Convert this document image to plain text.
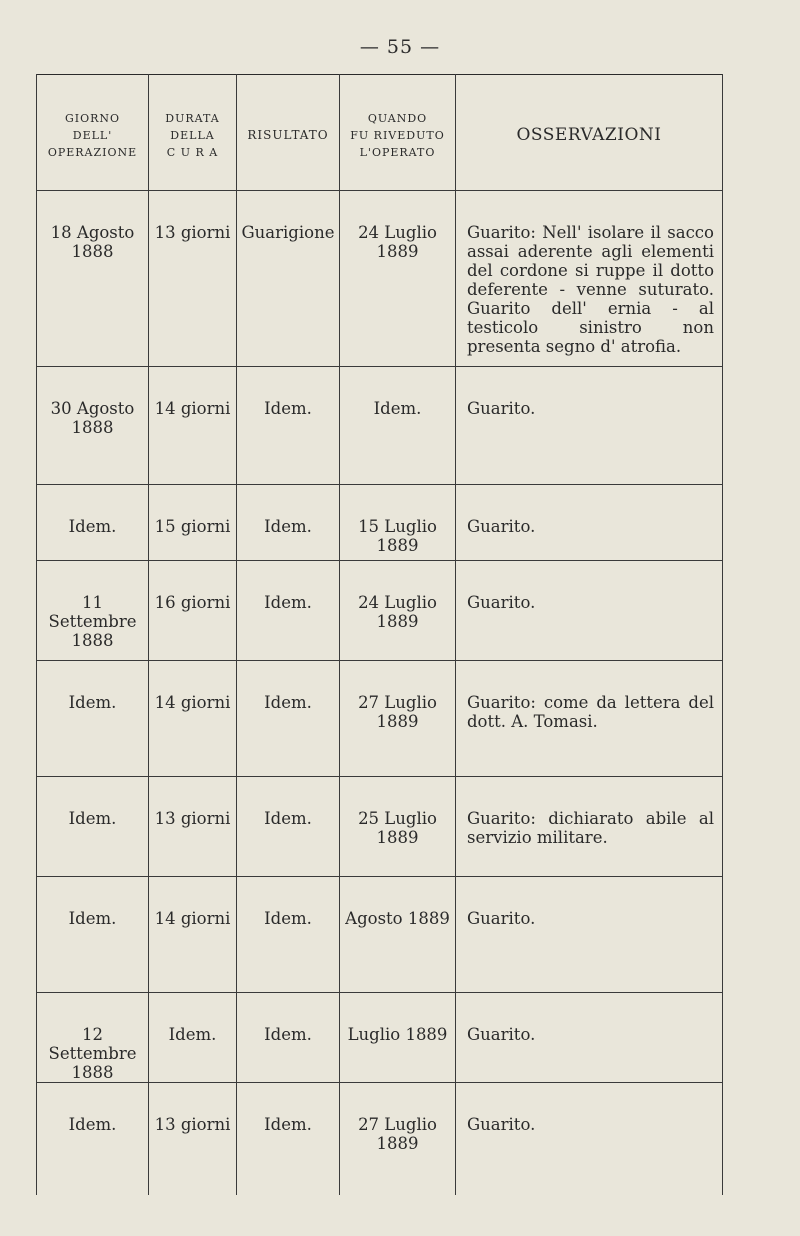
— 55 —
GIORNO
DELL'
OPERAZIONE	DURATA
DELLA
C U R A	RISULTATO	QUANDO
FU RIVEDUTO
L'OPERATO	OSSERVAZIONI

18 Agosto
1888	13 giorni	Guarigione	24 Luglio
1889	Guarito: Nell' isolare il sacco assai aderente agli elementi del cordone si ruppe il dotto deferente - venne suturato. Guarito dell' ernia - al testicolo sinistro non presenta segno d' atrofia.

30 Agosto
1888	14 giorni	Idem.	Idem.	Guarito.

Idem.	15 giorni	Idem.	15 Luglio
1889	Guarito.

11 Settembre
1888	16 giorni	Idem.	24 Luglio
1889	Guarito.

Idem.	14 giorni	Idem.	27 Luglio
1889	Guarito: come da lettera del dott. A. Tomasi.

Idem.	13 giorni	Idem.	25 Luglio
1889	Guarito: dichiarato abile al servizio militare.

Idem.	14 giorni	Idem.	Agosto 1889	Guarito.

12 Settembre
1888	Idem.	Idem.	Luglio 1889	Guarito.

Idem.	13 giorni	Idem.	27 Luglio
1889	Guarito.
